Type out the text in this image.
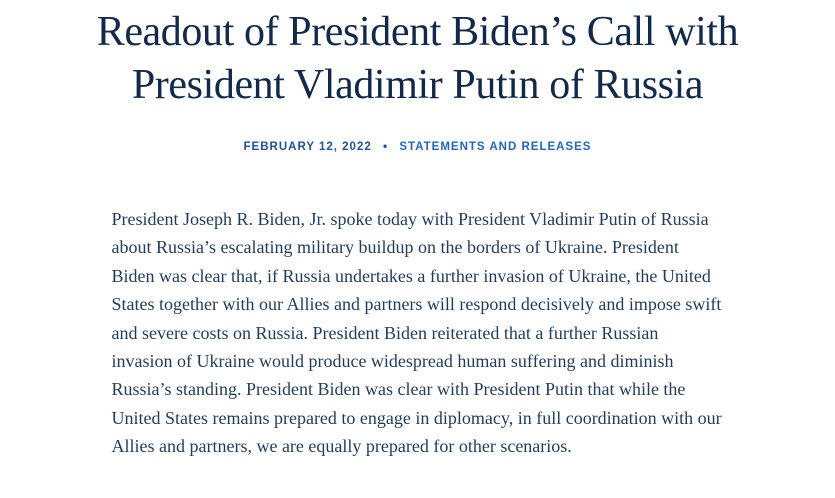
Readout of President Biden’s Call with President Vladimir Putin of Russia
FEBRUARY 12, 2022 • STATEMENTS AND RELEASES

President Joseph R. Biden, Jr. spoke today with President Vladimir Putin of Russia about Russia’s escalating military buildup on the borders of Ukraine. President Biden was clear that, if Russia undertakes a further invasion of Ukraine, the United States together with our Allies and partners will respond decisively and impose swift and severe costs on Russia. President Biden reiterated that a further Russian invasion of Ukraine would produce widespread human suffering and diminish Russia’s standing. President Biden was clear with President Putin that while the United States remains prepared to engage in diplomacy, in full coordination with our Allies and partners, we are equally prepared for other scenarios.
